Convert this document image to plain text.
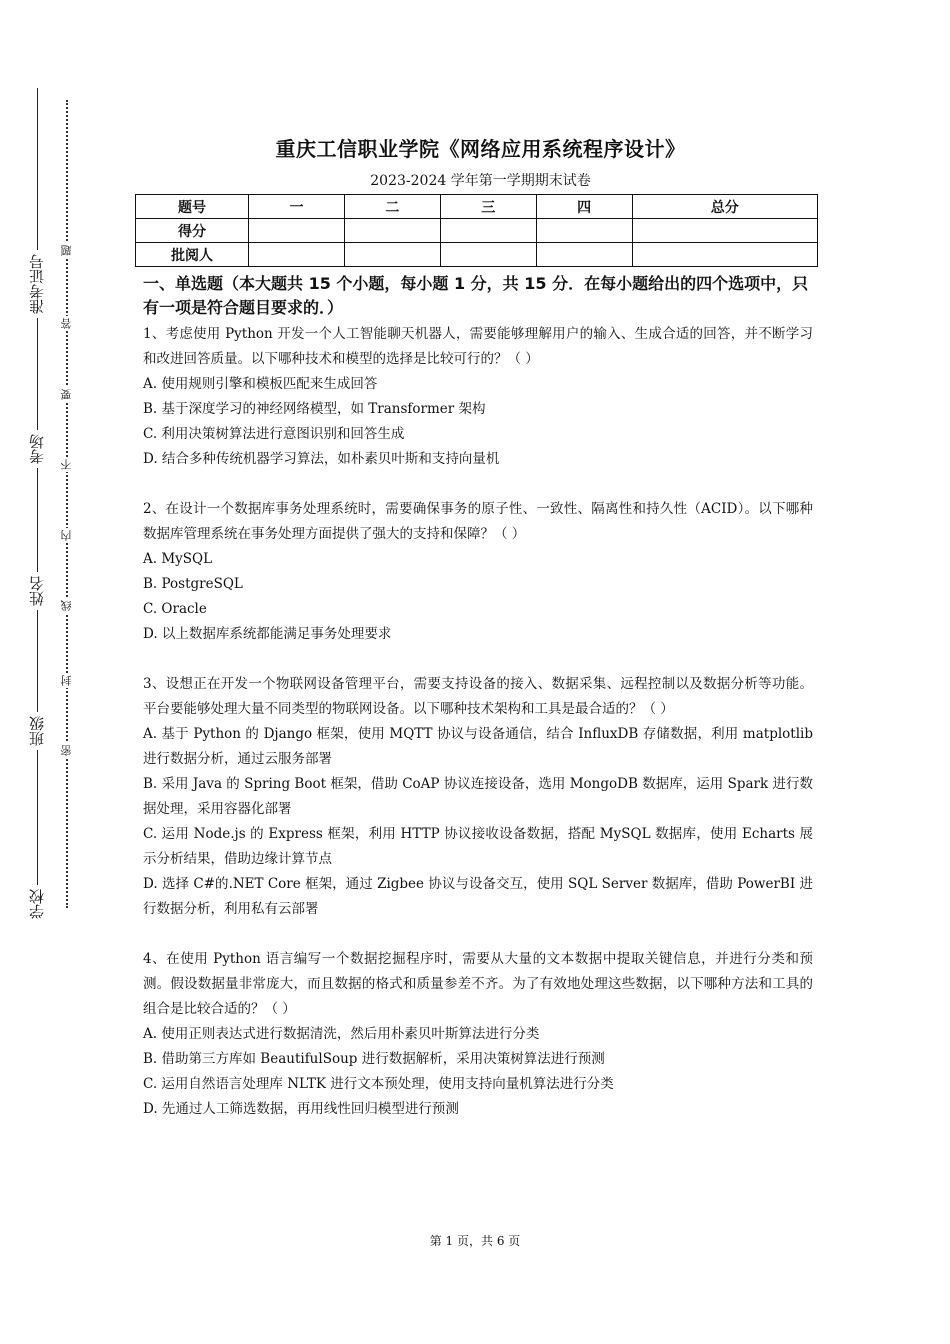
准考证号
考场
姓名
班级
学校
题
答
要
不
内
线
封
密
重庆工信职业学院《网络应用系统程序设计》
2023-2024 学年第一学期期末试卷
题号	一	二	三	四	总分
得分					
批阅人					
一、单选题（本大题共 15 个小题，每小题 1 分，共 15 分．在每小题给出的四个选项中，只有一项是符合题目要求的．）

1、考虑使用 Python 开发一个人工智能聊天机器人，需要能够理解用户的输入、生成合适的回答，并不断学习和改进回答质量。以下哪种技术和模型的选择是比较可行的？（ ）

A. 使用规则引擎和模板匹配来生成回答

B. 基于深度学习的神经网络模型，如 Transformer 架构

C. 利用决策树算法进行意图识别和回答生成

D. 结合多种传统机器学习算法，如朴素贝叶斯和支持向量机

2、在设计一个数据库事务处理系统时，需要确保事务的原子性、一致性、隔离性和持久性（ACID）。以下哪种数据库管理系统在事务处理方面提供了强大的支持和保障？（ ）

A. MySQL

B. PostgreSQL

C. Oracle

D. 以上数据库系统都能满足事务处理要求

3、设想正在开发一个物联网设备管理平台，需要支持设备的接入、数据采集、远程控制以及数据分析等功能。平台要能够处理大量不同类型的物联网设备。以下哪种技术架构和工具是最合适的？（ ）

A. 基于 Python 的 Django 框架，使用 MQTT 协议与设备通信，结合 InfluxDB 存储数据，利用 matplotlib 进行数据分析，通过云服务部署

B. 采用 Java 的 Spring Boot 框架，借助 CoAP 协议连接设备，选用 MongoDB 数据库，运用 Spark 进行数据处理，采用容器化部署

C. 运用 Node.js 的 Express 框架，利用 HTTP 协议接收设备数据，搭配 MySQL 数据库，使用 Echarts 展示分析结果，借助边缘计算节点

D. 选择 C#的.NET Core 框架，通过 Zigbee 协议与设备交互，使用 SQL Server 数据库，借助 PowerBI 进行数据分析，利用私有云部署

4、在使用 Python 语言编写一个数据挖掘程序时，需要从大量的文本数据中提取关键信息，并进行分类和预测。假设数据量非常庞大，而且数据的格式和质量参差不齐。为了有效地处理这些数据，以下哪种方法和工具的组合是比较合适的？（ ）

A. 使用正则表达式进行数据清洗，然后用朴素贝叶斯算法进行分类

B. 借助第三方库如 BeautifulSoup 进行数据解析，采用决策树算法进行预测

C. 运用自然语言处理库 NLTK 进行文本预处理，使用支持向量机算法进行分类

D. 先通过人工筛选数据，再用线性回归模型进行预测

第 1 页，共 6 页
